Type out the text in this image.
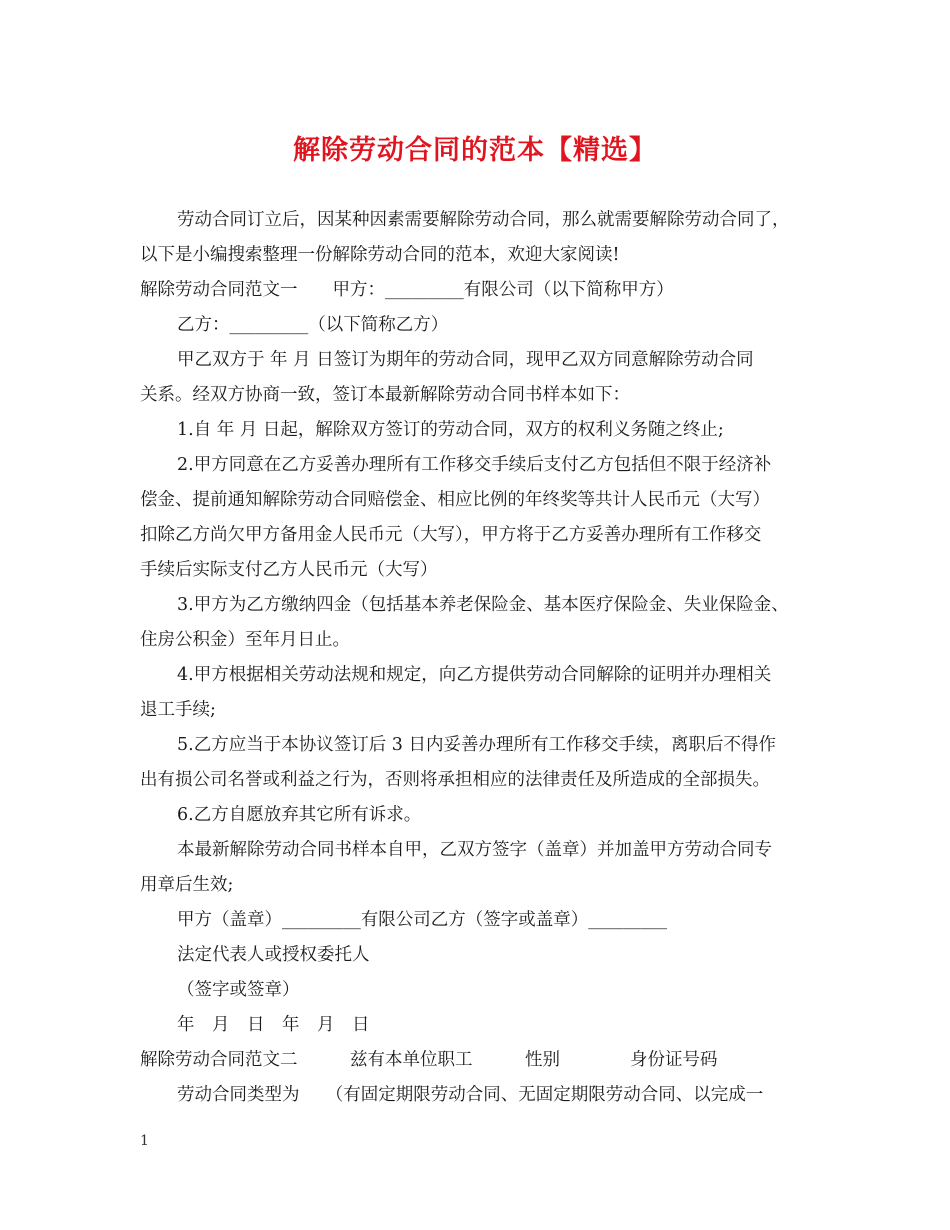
解除劳动合同的范本【精选】

劳动合同订立后，因某种因素需要解除劳动合同，那么就需要解除劳动合同了，

以下是小编搜索整理一份解除劳动合同的范本，欢迎大家阅读!

解除劳动合同范文一　　甲方：_________有限公司（以下简称甲方）

乙方：_________（以下简称乙方）

甲乙双方于 年 月 日签订为期年的劳动合同，现甲乙双方同意解除劳动合同

关系。经双方协商一致，签订本最新解除劳动合同书样本如下：

1.自 年 月 日起，解除双方签订的劳动合同，双方的权利义务随之终止;

2.甲方同意在乙方妥善办理所有工作移交手续后支付乙方包括但不限于经济补

偿金、提前通知解除劳动合同赔偿金、相应比例的年终奖等共计人民币元（大写）

扣除乙方尚欠甲方备用金人民币元（大写），甲方将于乙方妥善办理所有工作移交

手续后实际支付乙方人民币元（大写）

3.甲方为乙方缴纳四金（包括基本养老保险金、基本医疗保险金、失业保险金、

住房公积金）至年月日止。

4.甲方根据相关劳动法规和规定，向乙方提供劳动合同解除的证明并办理相关

退工手续;

5.乙方应当于本协议签订后 3 日内妥善办理所有工作移交手续，离职后不得作

出有损公司名誉或利益之行为，否则将承担相应的法律责任及所造成的全部损失。

6.乙方自愿放弃其它所有诉求。

本最新解除劳动合同书样本自甲，乙双方签字（盖章）并加盖甲方劳动合同专

用章后生效;

甲方（盖章）_________有限公司乙方（签字或盖章）_________

法定代表人或授权委托人

（签字或签章）

年　月　日　年　月　日

解除劳动合同范文二　　　兹有本单位职工　　　性别　　　　身份证号码

劳动合同类型为　　（有固定期限劳动合同、无固定期限劳动合同、以完成一

1
